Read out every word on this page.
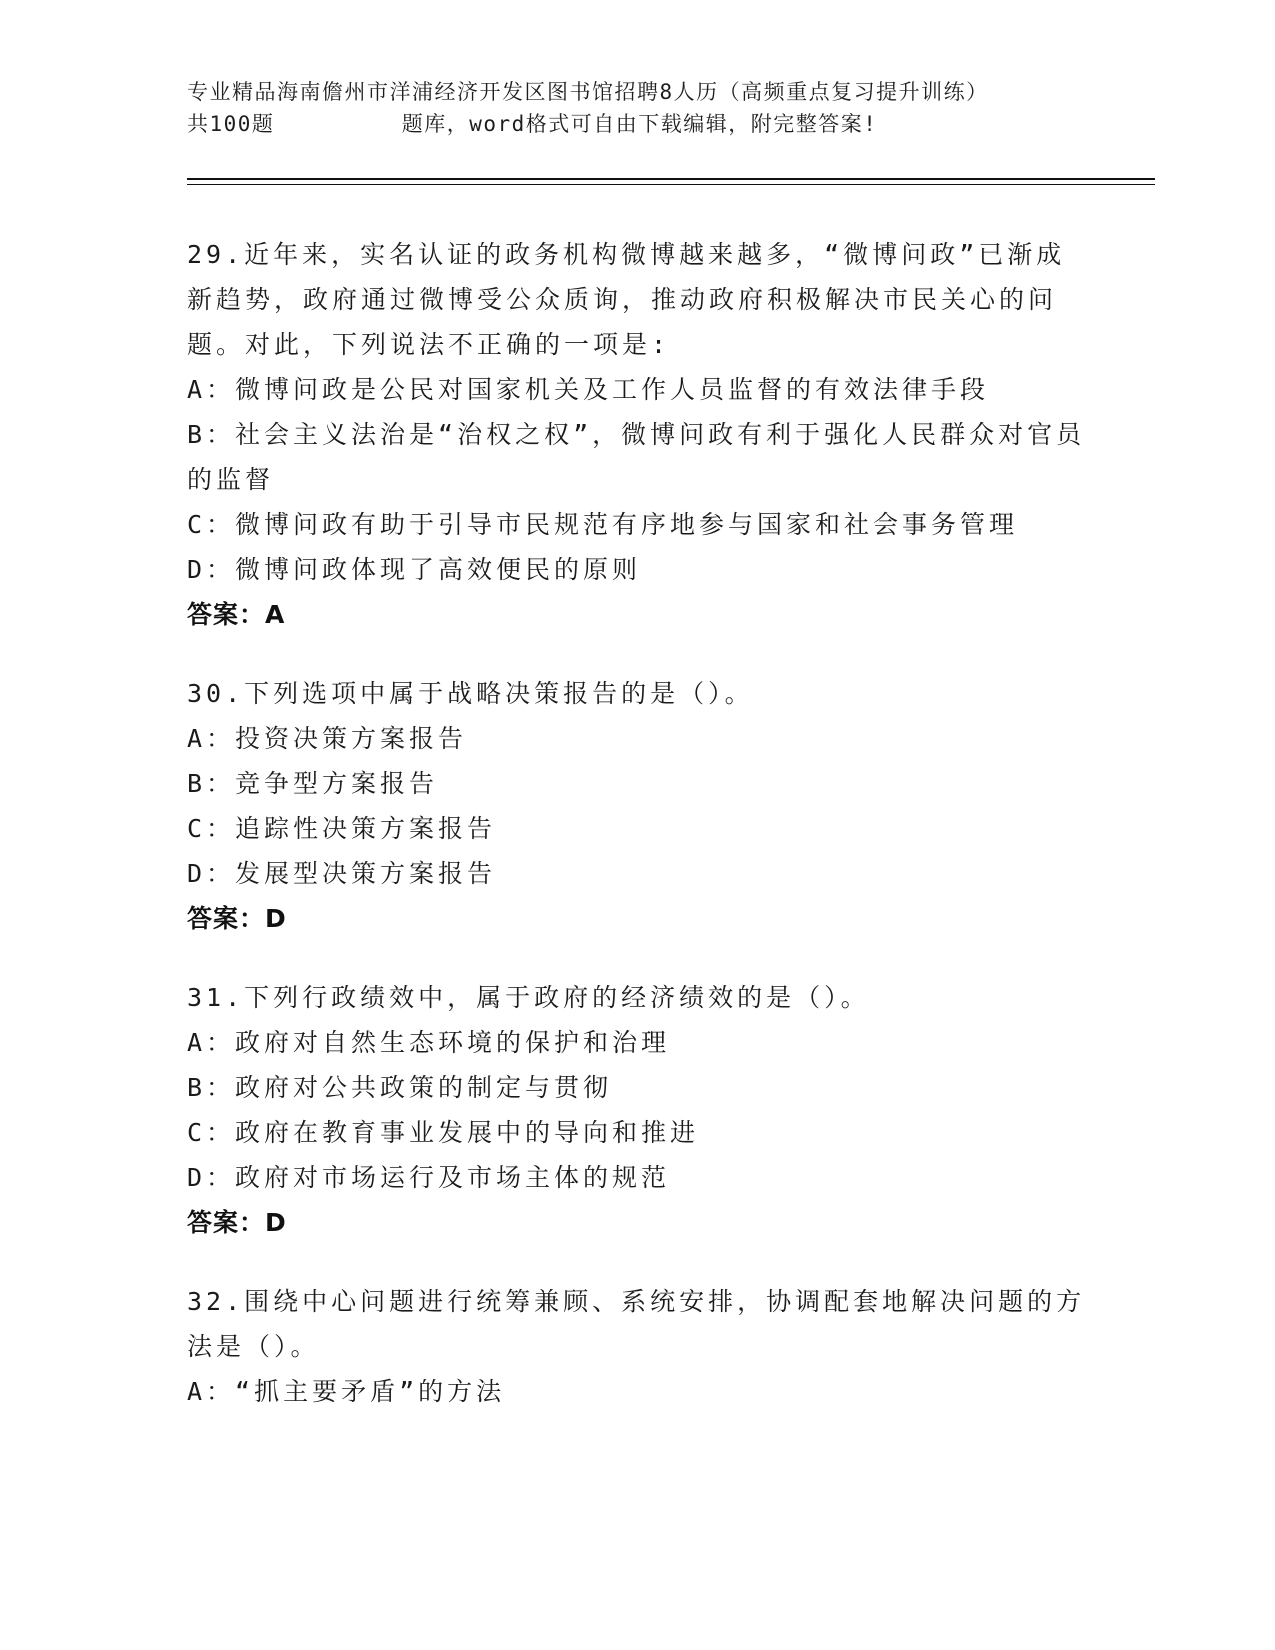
专业精品海南儋州市洋浦经济开发区图书馆招聘8人历（高频重点复习提升训练）
共100题         题库，word格式可自由下载编辑，附完整答案!
29.近年来，实名认证的政务机构微博越来越多，“微博问政”已渐成新趋势，政府通过微博受公众质询，推动政府积极解决市民关心的问题。对此，下列说法不正确的一项是:
A：微博问政是公民对国家机关及工作人员监督的有效法律手段
B：社会主义法治是“治权之权”，微博问政有利于强化人民群众对官员的监督
C：微博问政有助于引导市民规范有序地参与国家和社会事务管理
D：微博问政体现了高效便民的原则
答案：A
30.下列选项中属于战略决策报告的是（）。
A：投资决策方案报告
B：竞争型方案报告
C：追踪性决策方案报告
D：发展型决策方案报告
答案：D
31.下列行政绩效中，属于政府的经济绩效的是（）。
A：政府对自然生态环境的保护和治理
B：政府对公共政策的制定与贯彻
C：政府在教育事业发展中的导向和推进
D：政府对市场运行及市场主体的规范
答案：D
32.围绕中心问题进行统筹兼顾、系统安排，协调配套地解决问题的方法是（）。
A：“抓主要矛盾”的方法
